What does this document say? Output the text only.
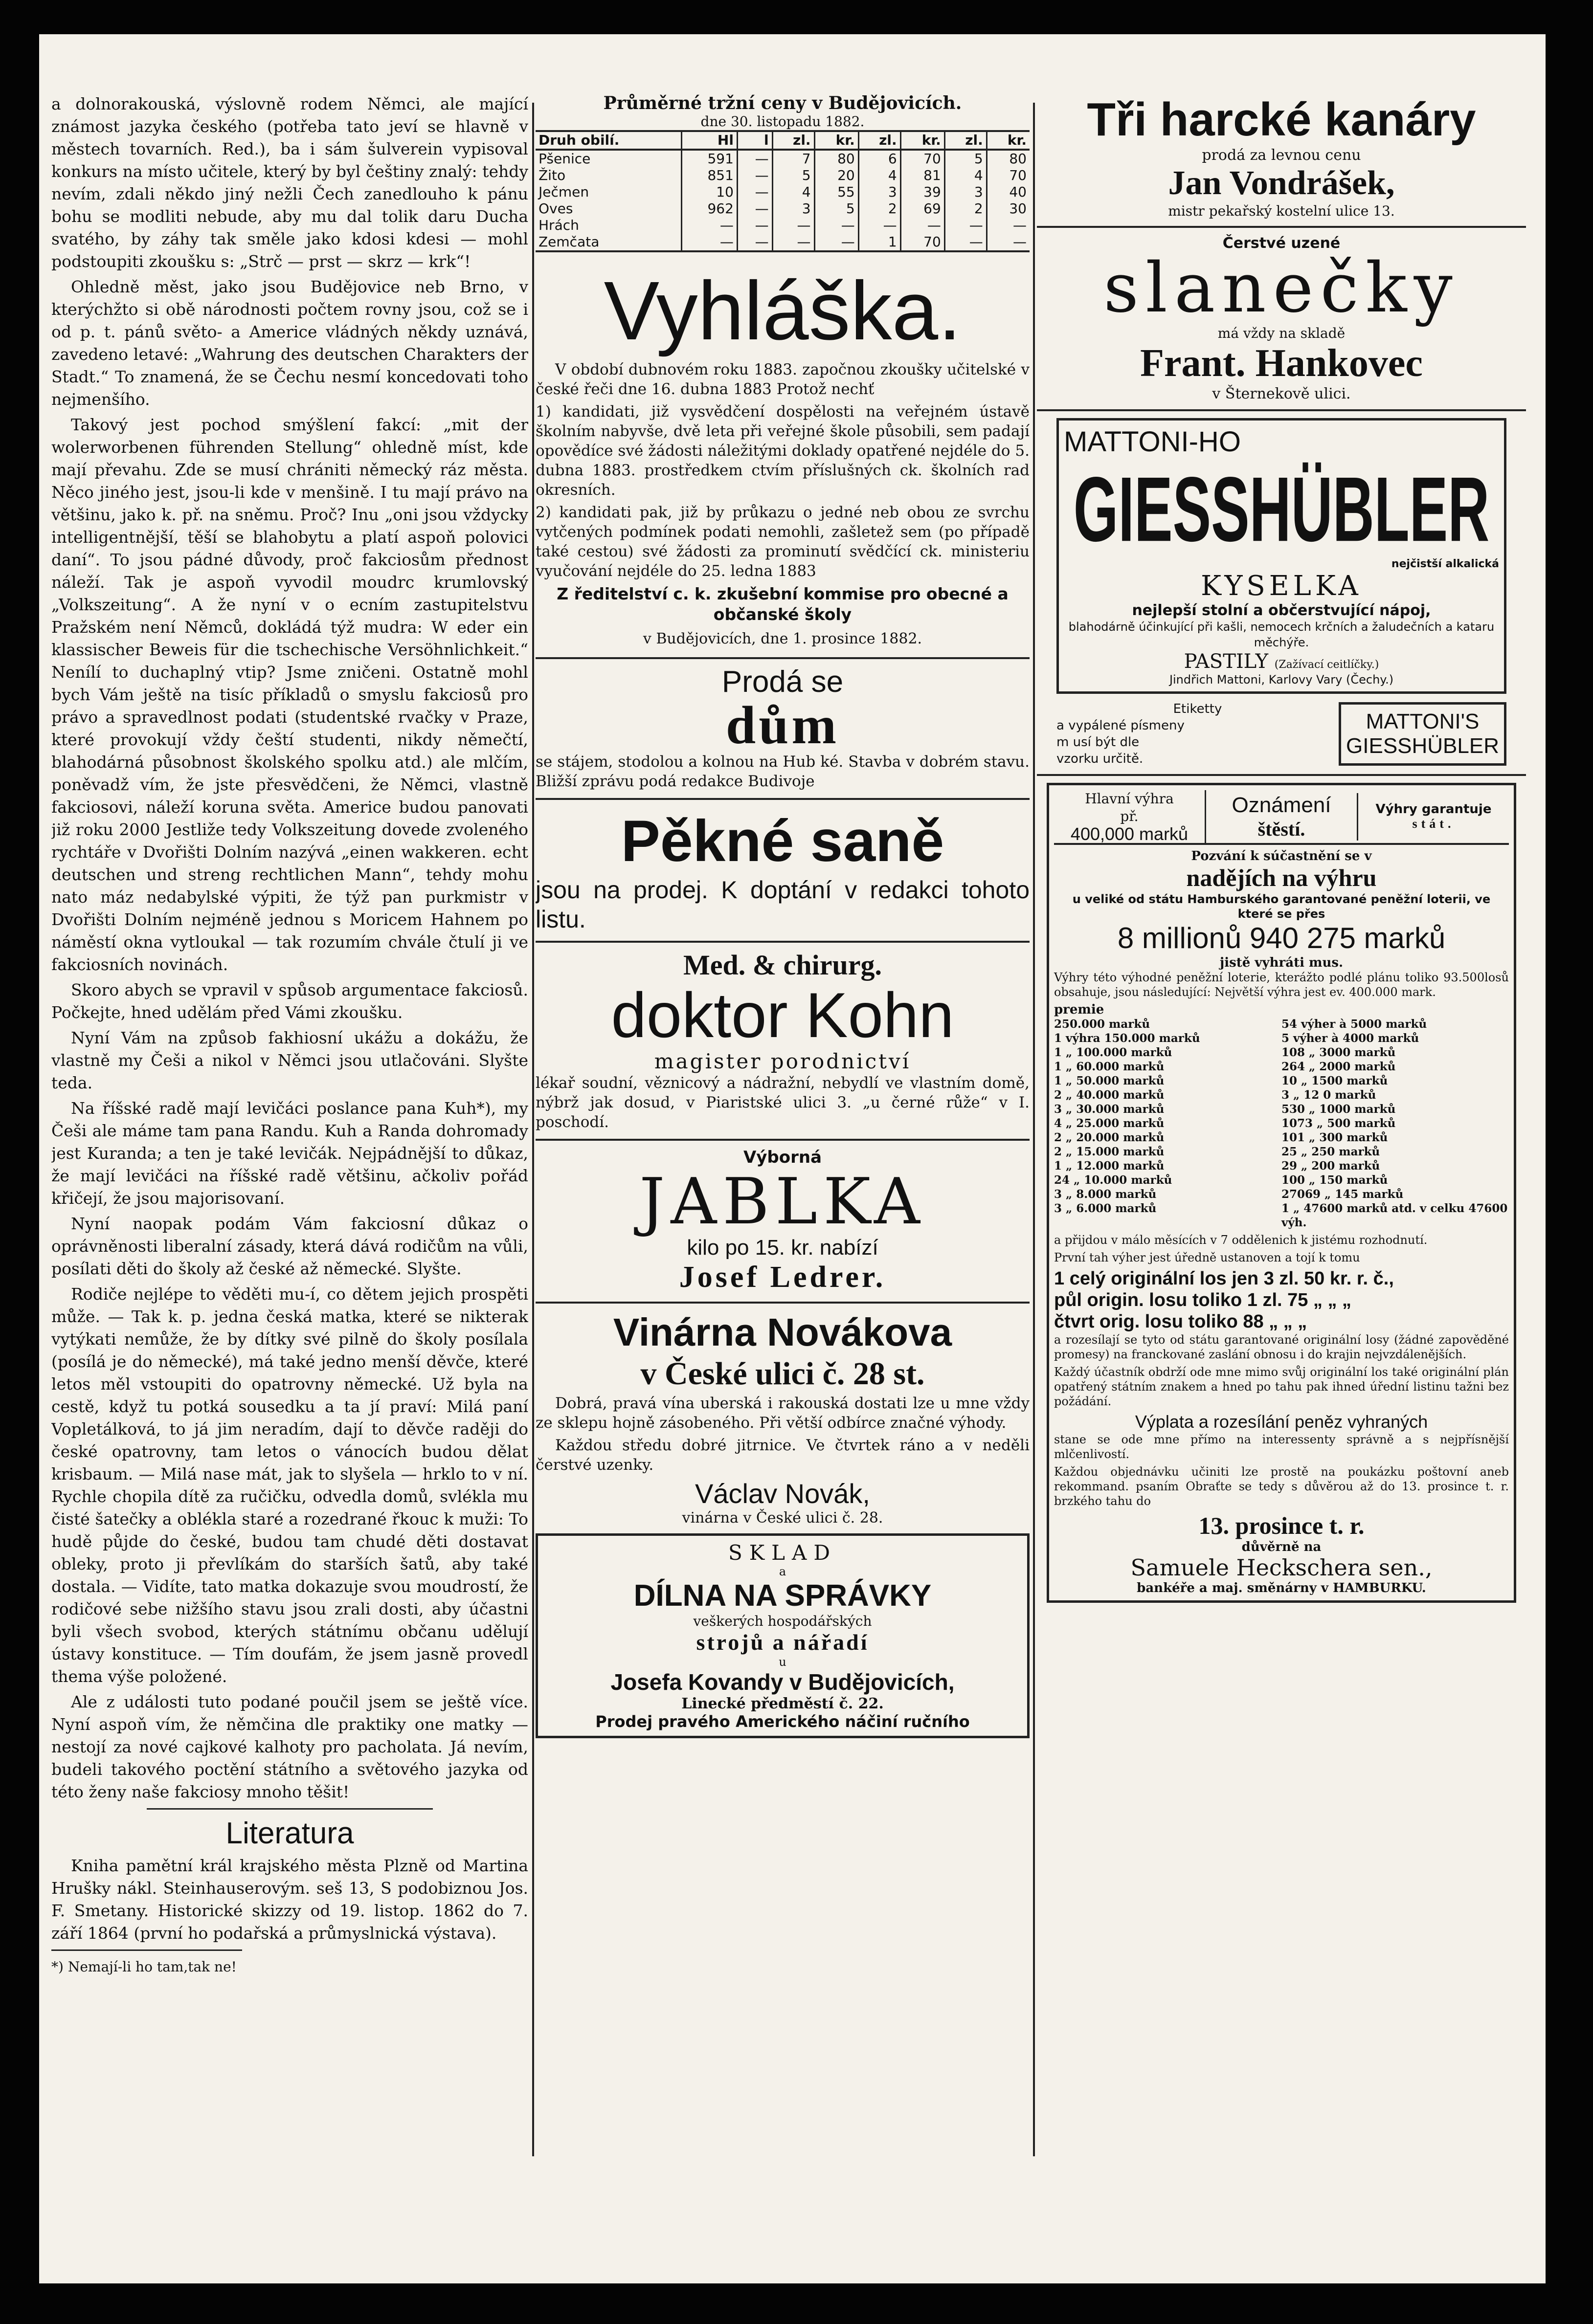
a dolnorakouská, výslovně rodem Němci, ale mající známost jazyka českého (potřeba tato jeví se hlavně v městech tovarních. Red.), ba i sám šulverein vypisoval konkurs na místo učitele, který by byl češtiny znalý: tehdy nevím, zdali někdo jiný nežli Čech zanedlouho k pánu bohu se modliti nebude, aby mu dal tolik daru Ducha svatého, by záhy tak směle jako kdosi kdesi — mohl podstoupiti zkoušku s: „Strč — prst — skrz — krk“!

Ohledně měst, jako jsou Budějovice neb Brno, v kterýchžto si obě národnosti počtem rovny jsou, což se i od p. t. pánů světo- a Americe vládných někdy uznává, zavedeno letavé: „Wahrung des deutschen Charakters der Stadt.“ To znamená, že se Čechu nesmí koncedovati toho nejmenšího.

Takový jest pochod smýšlení fakcí: „mit der wolerworbenen führenden Stellung“ ohledně míst, kde mají převahu. Zde se musí chrániti německý ráz města. Něco jiného jest, jsou-li kde v menšině. I tu mají právo na většinu, jako k. př. na sněmu. Proč? Inu „oni jsou vždycky intelligentnější, těší se blahobytu a platí aspoň polovici daní“. To jsou pádné důvody, proč fakciosům přednost náleží. Tak je aspoň vyvodil moudrc krumlovský „Volkszeitung“. A že nyní v o ecním zastupitelstvu Pražském není Němců, dokládá týž mudra: W eder ein klassischer Beweis für die tschechische Versöhnlichkeit.“ Nenílí to duchaplný vtip? Jsme zničeni. Ostatně mohl bych Vám ještě na tisíc příkladů o smyslu fakciosů pro právo a spravedlnost podati (studentské rvačky v Praze, které provokují vždy čeští studenti, nikdy němečtí, blahodárná působnost školského spolku atd.) ale mlčím, poněvadž vím, že jste přesvědčeni, že Němci, vlastně fakciosovi, náleží koruna světa. Americe budou panovati již roku 2000 Jestliže tedy Volkszeitung dovede zvoleného rychtáře v Dvořišti Dolním nazývá „einen wakkeren. echt deutschen und streng rechtlichen Mann“, tehdy mohu nato máz nedabylské výpiti, že týž pan purkmistr v Dvořišti Dolním nejméně jednou s Moricem Hahnem po náměstí okna vytloukal — tak rozumím chvále čtulí ji ve fakciosních novinách.

Skoro abych se vpravil v spůsob argumentace fakciosů. Počkejte, hned udělám před Vámi zkoušku.

Nyní Vám na způsob fakhiosní ukážu a dokážu, že vlastně my Češi a nikol v Němci jsou utlačováni. Slyšte teda.

Na říšské radě mají levičáci poslance pana Kuh*), my Češi ale máme tam pana Randu. Kuh a Randa dohromady jest Kuranda; a ten je také levičák. Nejpádnější to důkaz, že mají levičáci na říšské radě většinu, ačkoliv pořád křičejí, že jsou majorisovaní.

Nyní naopak podám Vám fakciosní důkaz o oprávněnosti liberalní zásady, která dává rodičům na vůli, posílati děti do školy až české až německé. Slyšte.

Rodiče nejlépe to věděti mu-í, co dětem jejich prospěti může. — Tak k. p. jedna česká matka, které se nikterak vytýkati nemůže, že by dítky své pilně do školy posílala (posílá je do německé), má také jedno menší děvče, které letos měl vstoupiti do opatrovny německé. Už byla na cestě, když tu potká sousedku a ta jí praví: Milá paní Vopletálková, to já jim neradím, dají to děvče raději do české opatrovny, tam letos o vánocích budou dělat krisbaum. — Milá nase mát, jak to slyšela — hrklo to v ní. Rychle chopila dítě za ručičku, odvedla domů, svlékla mu čisté šatečky a oblékla staré a rozedrané řkouc k muži: To hudě půjde do české, budou tam chudé děti dostavat obleky, proto ji převlíkám do starších šatů, aby také dostala. — Vidíte, tato matka dokazuje svou moudrostí, že rodičové sebe nižšího stavu jsou zrali dosti, aby účastni byli všech svobod, kterých státnímu občanu udělují ústavy konstituce. — Tím doufám, že jsem jasně provedl thema výše položené.

Ale z události tuto podané poučil jsem se ještě více. Nyní aspoň vím, že němčina dle praktiky one matky — nestojí za nové cajkové kalhoty pro pacholata. Já nevím, budeli takového poctění státního a světového jazyka od této ženy naše fakciosy mnoho těšit!

Literatura

Kniha pamětní král krajského města Plzně od Martina Hrušky nákl. Steinhauserovým. seš 13, S podobiznou Jos. F. Smetany. Historické skizzy od 19. listop. 1862 do 7. září 1864 (první ho podařská a průmyslnická výstava).

*) Nemají-li ho tam,tak ne!

Průměrné tržní ceny v Budějovicích.
dne 30. listopadu 1882.
Druh obilí.	Hl	l	zl.	kr.	zl.	kr.	zl.	kr.
Pšenice	591	—	7	80	6	70	5	80
Žito	851	—	5	20	4	81	4	70
Ječmen	10	—	4	55	3	39	3	40
Oves	962	—	3	5	2	69	2	30
Hrách	—	—	—	—	—	—	—	—
Zemčata	—	—	—	—	1	70	—	—
Vyhláška.

V období dubnovém roku 1883. započnou zkoušky učitelské v české řeči dne 16. dubna 1883 Protož nechť

1) kandidati, již vysvědčení dospělosti na veřejném ústavě školním nabyvše, dvě leta při veřejné škole působili, sem padají opovědíce své žádosti náležitými doklady opatřené nejdéle do 5. dubna 1883. prostředkem ctvím příslušných ck. školních rad okresních.

2) kandidati pak, již by průkazu o jedné neb obou ze svrchu vytčených podmínek podati nemohli, zašletež sem (po případě také cestou) své žádosti za prominutí svědčící ck. ministeriu vyučování nejdéle do 25. ledna 1883

Z ředitelství c. k. zkušební kommise pro obecné a občanské školy

v Budějovicích, dne 1. prosince 1882.

Prodá se
dům

se stájem, stodolou a kolnou na Hub ké. Stavba v dobrém stavu. Bližší zprávu podá redakce Budivoje

Pěkné saně

jsou na prodej. K doptání v redakci tohoto listu.

Med. & chirurg.
doktor Kohn
magister porodnictví

lékař soudní, věznicový a nádražní, nebydlí ve vlastním domě, nýbrž jak dosud, v Piaristské ulici 3. „u černé růže“ v I. poschodí.

Výborná
JABLKA
kilo po 15. kr. nabízí
Josef Ledrer.
Vinárna Novákova
v České ulici č. 28 st.

Dobrá, pravá vína uberská i rakouská dostati lze u mne vždy ze sklepu hojně zásobeného. Při větší odbírce značné výhody.

Každou středu dobré jitrnice. Ve čtvrtek ráno a v neděli čerstvé uzenky.

Václav Novák,
vinárna v České ulici č. 28.
SKLAD
a
DÍLNA NA SPRÁVKY
veškerých hospodářských
strojů a nářadí
u
Josefa Kovandy v Budějovicích,
Linecké předměstí č. 22.
Prodej pravého Amerického náčiní ručního
Tři harcké kanáry
prodá za levnou cenu
Jan Vondrášek,
mistr pekařský kostelní ulice 13.
Čerstvé uzené
slanečky
má vždy na skladě
Frant. Hankovec
v Šternekově ulici.
MATTONI-HO
GIESSHÜBLER
nejčistší alkalická
KYSELKA
nejlepší stolní a občerstvující nápoj,
blahodárně účinkující při kašli, nemocech krčních a žaludečních a kataru měchýře.
PASTILY (Zažívací ceitlíčky.)
Jindřich Mattoni, Karlovy Vary (Čechy.)
Etiketty
a vypálené písmeny
m usí být dle
vzorku určitě.
MATTONI'S
GIESSHÜBLER
Hlavní výhra
př.
400,000 marků
Oznámení
štěstí.
Výhry garantuje
stát.
Pozvání k súčastnění se v
nadějích na výhru
u veliké od státu Hamburského garantované peněžní loterii, ve které se přes
8 millionů 940 275 marků
jistě vyhráti mus.

Výhry této výhodné peněžní loterie, kterážto podlé plánu toliko 93.500losů obsahuje, jsou následující: Největší výhra jest ev. 400.000 mark.

premie
250.000 marků
1 výhra 150.000 marků
1 „ 100.000 marků
1 „ 60.000 marků
1 „ 50.000 marků
2 „ 40.000 marků
3 „ 30.000 marků
4 „ 25.000 marků
2 „ 20.000 marků
2 „ 15.000 marků
1 „ 12.000 marků
24 „ 10.000 marků
3 „ 8.000 marků
3 „ 6.000 marků
54 výher à 5000 marků
5 výher à 4000 marků
108 „ 3000 marků
264 „ 2000 marků
10 „ 1500 marků
3 „ 12 0 marků
530 „ 1000 marků
1073 „ 500 marků
101 „ 300 marků
25 „ 250 marků
29 „ 200 marků
100 „ 150 marků
27069 „ 145 marků
1 „ 47600 marků atd. v celku 47600 výh.

a přijdou v málo měsících v 7 oddělenich k jistému rozhodnutí.

První tah výher jest úředně ustanoven a tojí k tomu

1 celý originální los jen 3 zl. 50 kr. r. č.,
půl origin. losu toliko 1 zl. 75 „ „ „
čtvrt orig. losu toliko 88 „ „ „

a rozesílají se tyto od státu garantované originální losy (žádné zapověděné promesy) na franckované zaslání obnosu i do krajin nejvzdálenějších.

Každý účastník obdrží ode mne mimo svůj originální los také originální plán opatřený státním znakem a hned po tahu pak ihned úřední listinu tažni bez požádání.

Výplata a rozesílání peněz vyhraných

stane se ode mne přímo na interessenty správně a s nejpřísnější mlčenlivostí.

Každou objednávku učiniti lze prostě na poukázku poštovní aneb rekommand. psaním Obraťte se tedy s důvěrou až do 13. prosince t. r. brzkého tahu do

13. prosince t. r.
důvěrně na
Samuele Heckschera sen.,
bankéře a maj. směnárny v HAMBURKU.
